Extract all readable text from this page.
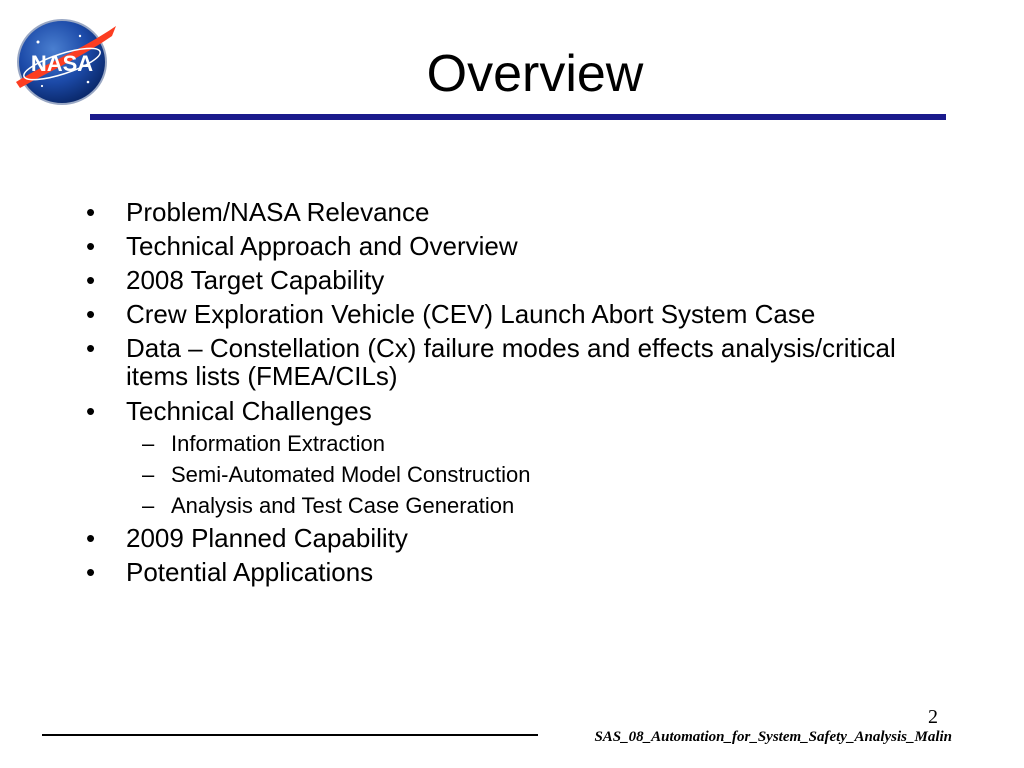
NASA	Overview
•	Problem/NASA Relevance
•	Technical Approach and Overview
•	2008 Target Capability
•	Crew Exploration Vehicle (CEV) Launch Abort System Case
•	Data – Constellation (Cx) failure modes and effects analysis/critical items lists (FMEA/CILs)
•	Technical Challenges
– Information Extraction
– Semi-Automated Model Construction
– Analysis and Test Case Generation
•	2009 Planned Capability
•	Potential Applications
2
SAS_08_Automation_for_System_Safety_Analysis_Malin
